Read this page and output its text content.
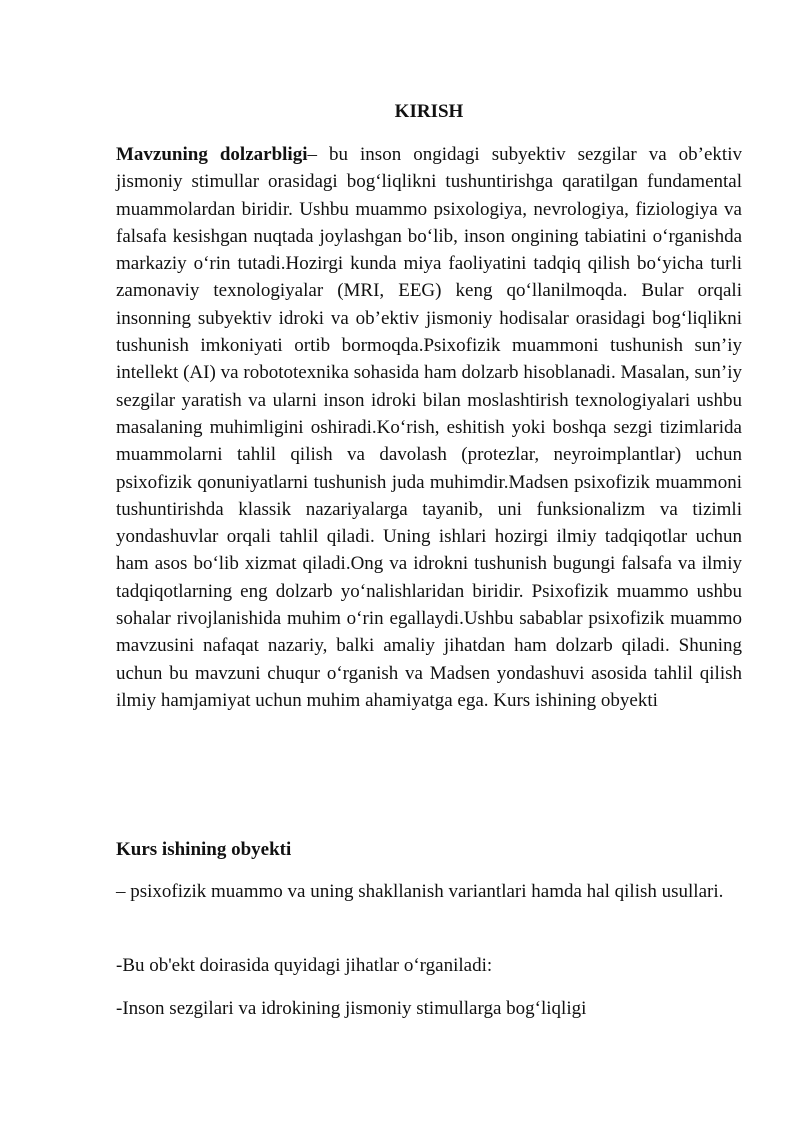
KIRISH

Mavzuning dolzarbligi– bu inson ongidagi subyektiv sezgilar va ob’ektiv jismoniy stimullar orasidagi bog‘liqlikni tushuntirishga qaratilgan fundamental muammolardan biridir. Ushbu muammo psixologiya, nevrologiya, fiziologiya va falsafa kesishgan nuqtada joylashgan bo‘lib, inson ongining tabiatini o‘rganishda markaziy o‘rin tutadi.Hozirgi kunda miya faoliyatini tadqiq qilish bo‘yicha turli zamonaviy texnologiyalar (MRI, EEG) keng qo‘llanilmoqda. Bular orqali insonning subyektiv idroki va ob’ektiv jismoniy hodisalar orasidagi bog‘liqlikni tushunish imkoniyati ortib bormoqda.Psixofizik muammoni tushunish sun’iy intellekt (AI) va robototexnika sohasida ham dolzarb hisoblanadi. Masalan, sun’iy sezgilar yaratish va ularni inson idroki bilan moslashtirish texnologiyalari ushbu masalaning muhimligini oshiradi.Ko‘rish, eshitish yoki boshqa sezgi tizimlarida muammolarni tahlil qilish va davolash (protezlar, neyroimplantlar) uchun psixofizik qonuniyatlarni tushunish juda muhimdir.Madsen psixofizik muammoni tushuntirishda klassik nazariyalarga tayanib, uni funksionalizm va tizimli yondashuvlar orqali tahlil qiladi. Uning ishlari hozirgi ilmiy tadqiqotlar uchun ham asos bo‘lib xizmat qiladi.Ong va idrokni tushunish bugungi falsafa va ilmiy tadqiqotlarning eng dolzarb yo‘nalishlaridan biridir. Psixofizik muammo ushbu sohalar rivojlanishida muhim o‘rin egallaydi.Ushbu sabablar psixofizik muammo mavzusini nafaqat nazariy, balki amaliy jihatdan ham dolzarb qiladi. Shuning uchun bu mavzuni chuqur o‘rganish va Madsen yondashuvi asosida tahlil qilish ilmiy hamjamiyat uchun muhim ahamiyatga ega. Kurs ishining obyekti

Kurs ishining obyekti

– psixofizik muammo va uning shakllanish variantlari hamda hal qilish usullari.

-Bu ob'ekt doirasida quyidagi jihatlar o‘rganiladi:

-Inson sezgilari va idrokining jismoniy stimullarga bog‘liqligi
